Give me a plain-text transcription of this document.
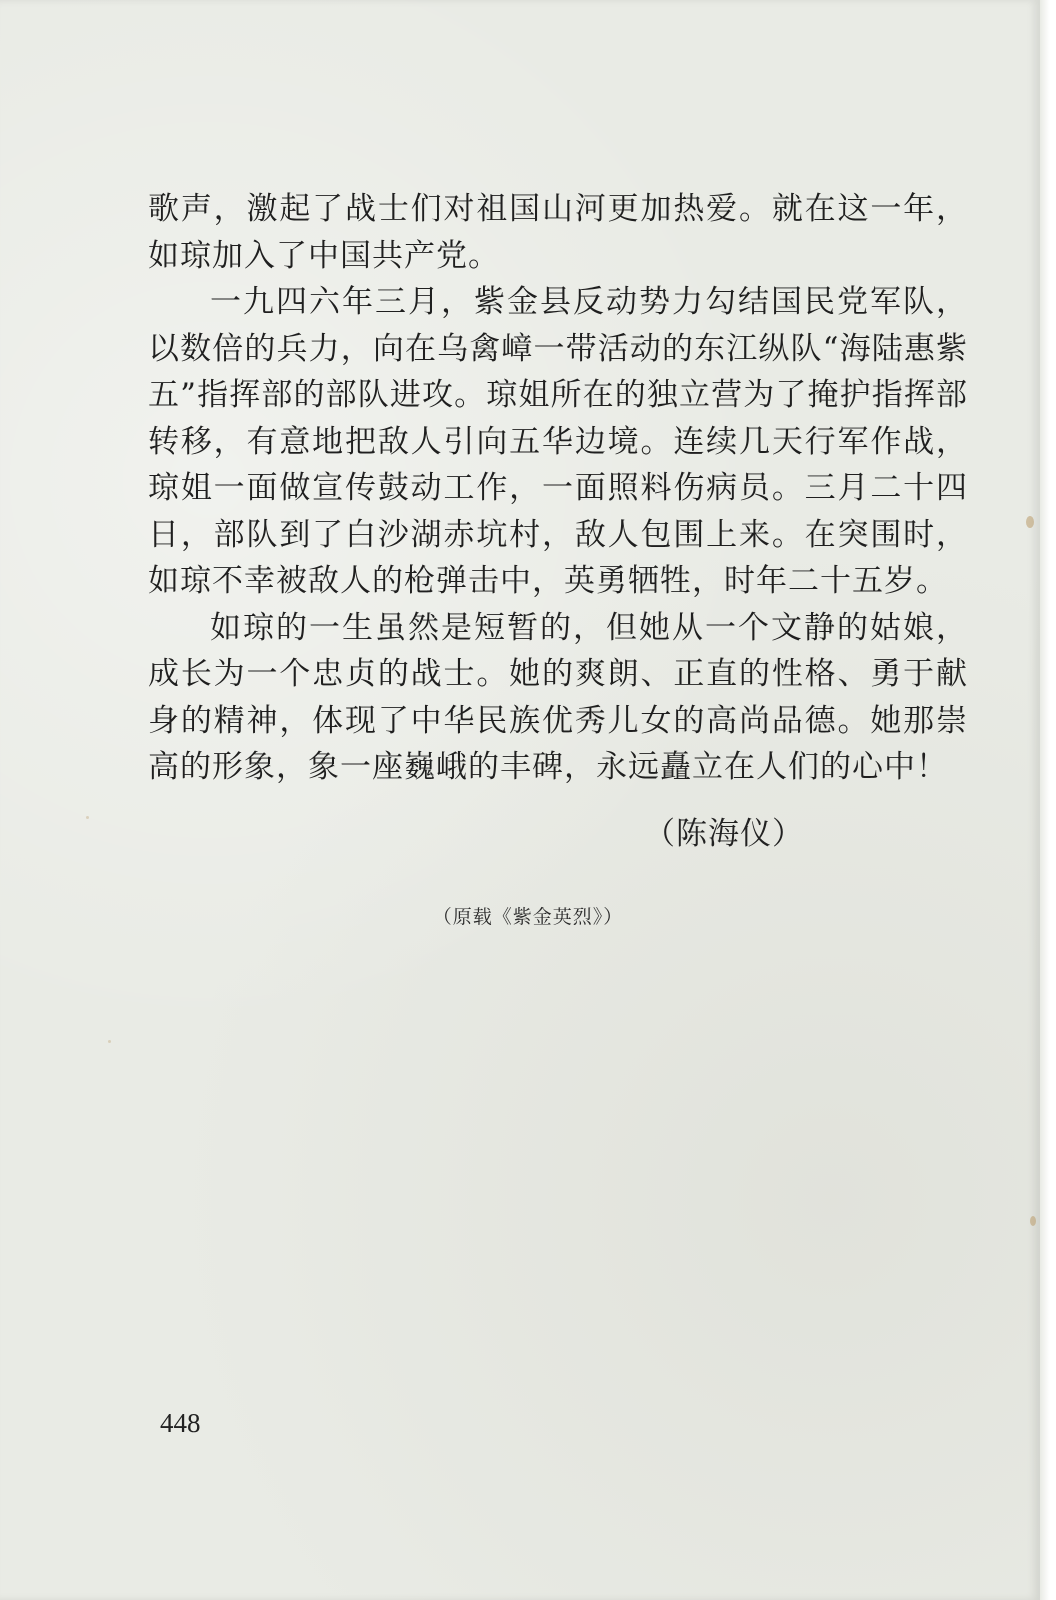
歌声，激起了战士们对祖国山河更加热爱。就在这一年，如琼加入了中国共产党。

一九四六年三月，紫金县反动势力勾结国民党军队，以数倍的兵力，向在乌禽嶂一带活动的东江纵队“海陆惠紫五”指挥部的部队进攻。琼姐所在的独立营为了掩护指挥部转移，有意地把敌人引向五华边境。连续几天行军作战，琼姐一面做宣传鼓动工作，一面照料伤病员。三月二十四日，部队到了白沙湖赤坑村，敌人包围上来。在突围时，如琼不幸被敌人的枪弹击中，英勇牺牲，时年二十五岁。

如琼的一生虽然是短暂的，但她从一个文静的姑娘，成长为一个忠贞的战士。她的爽朗、正直的性格、勇于献身的精神，体现了中华民族优秀儿女的高尚品德。她那崇高的形象，象一座巍峨的丰碑，永远矗立在人们的心中！

（陈海仪）
（原载《紫金英烈》）
448
